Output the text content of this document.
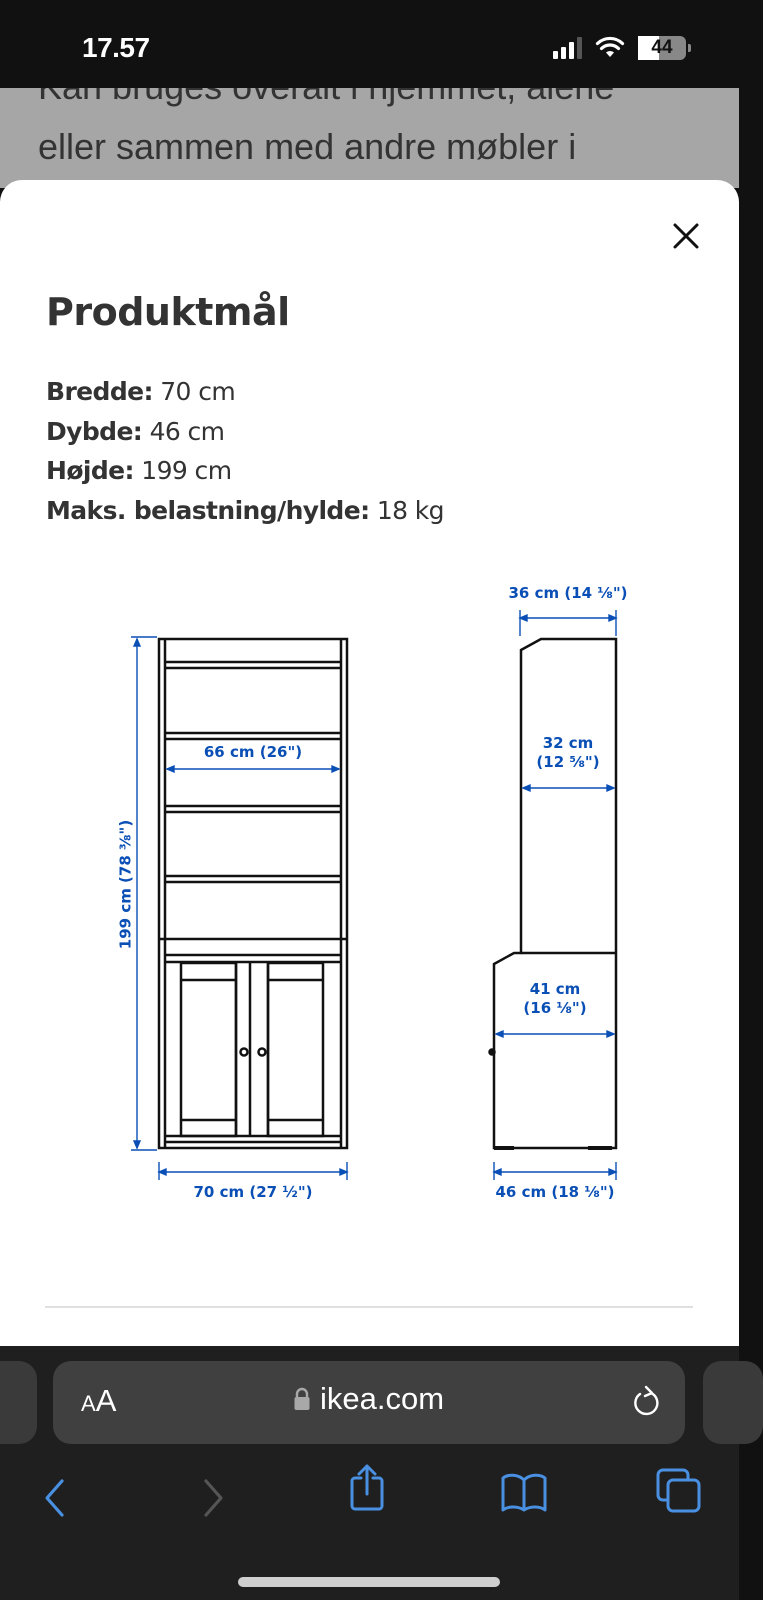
17.57	44
eller sammen med andre møbler i
Produktmål
Bredde: 70 cm
Dybde: 46 cm
Højde: 199 cm
Maks. belastning/hylde: 18 kg
199 cm (78 ⅜")
66 cm (26")
70 cm (27 ½")
36 cm (14 ⅛")
32 cm
(12 ⅝")
41 cm
(16 ⅛")
46 cm (18 ⅛")
AA	ikea.com
